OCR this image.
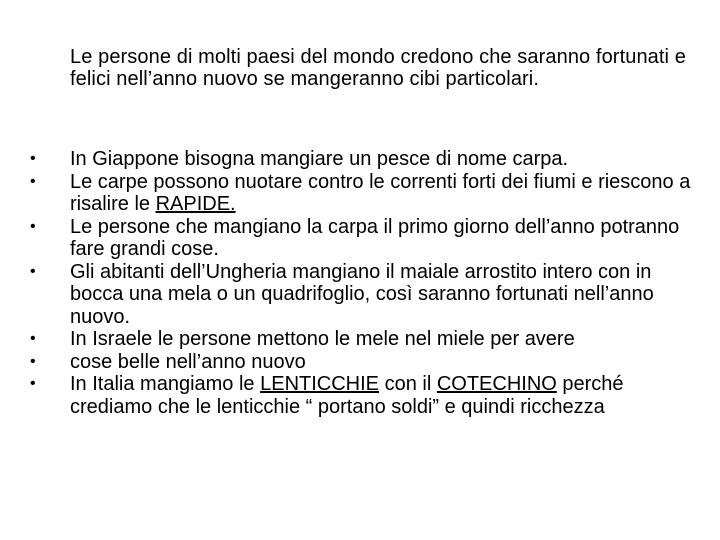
Le persone di molti paesi del mondo credono che saranno fortunati e felici nell’anno nuovo se mangeranno cibi particolari.
• In Giappone bisogna mangiare un pesce di nome carpa.
• Le carpe possono nuotare contro le correnti forti dei fiumi e riescono a risalire le RAPIDE.
• Le persone che mangiano la carpa il primo giorno dell’anno potranno fare grandi cose.
• Gli abitanti dell’Ungheria mangiano il maiale arrostito intero con in bocca una mela o un quadrifoglio, così saranno fortunati nell’anno nuovo.
• In Israele le persone mettono le mele nel miele per avere
• cose belle nell’anno nuovo
• In Italia mangiamo le LENTICCHIE con il COTECHINO perché crediamo che le lenticchie “ portano soldi” e quindi ricchezza
